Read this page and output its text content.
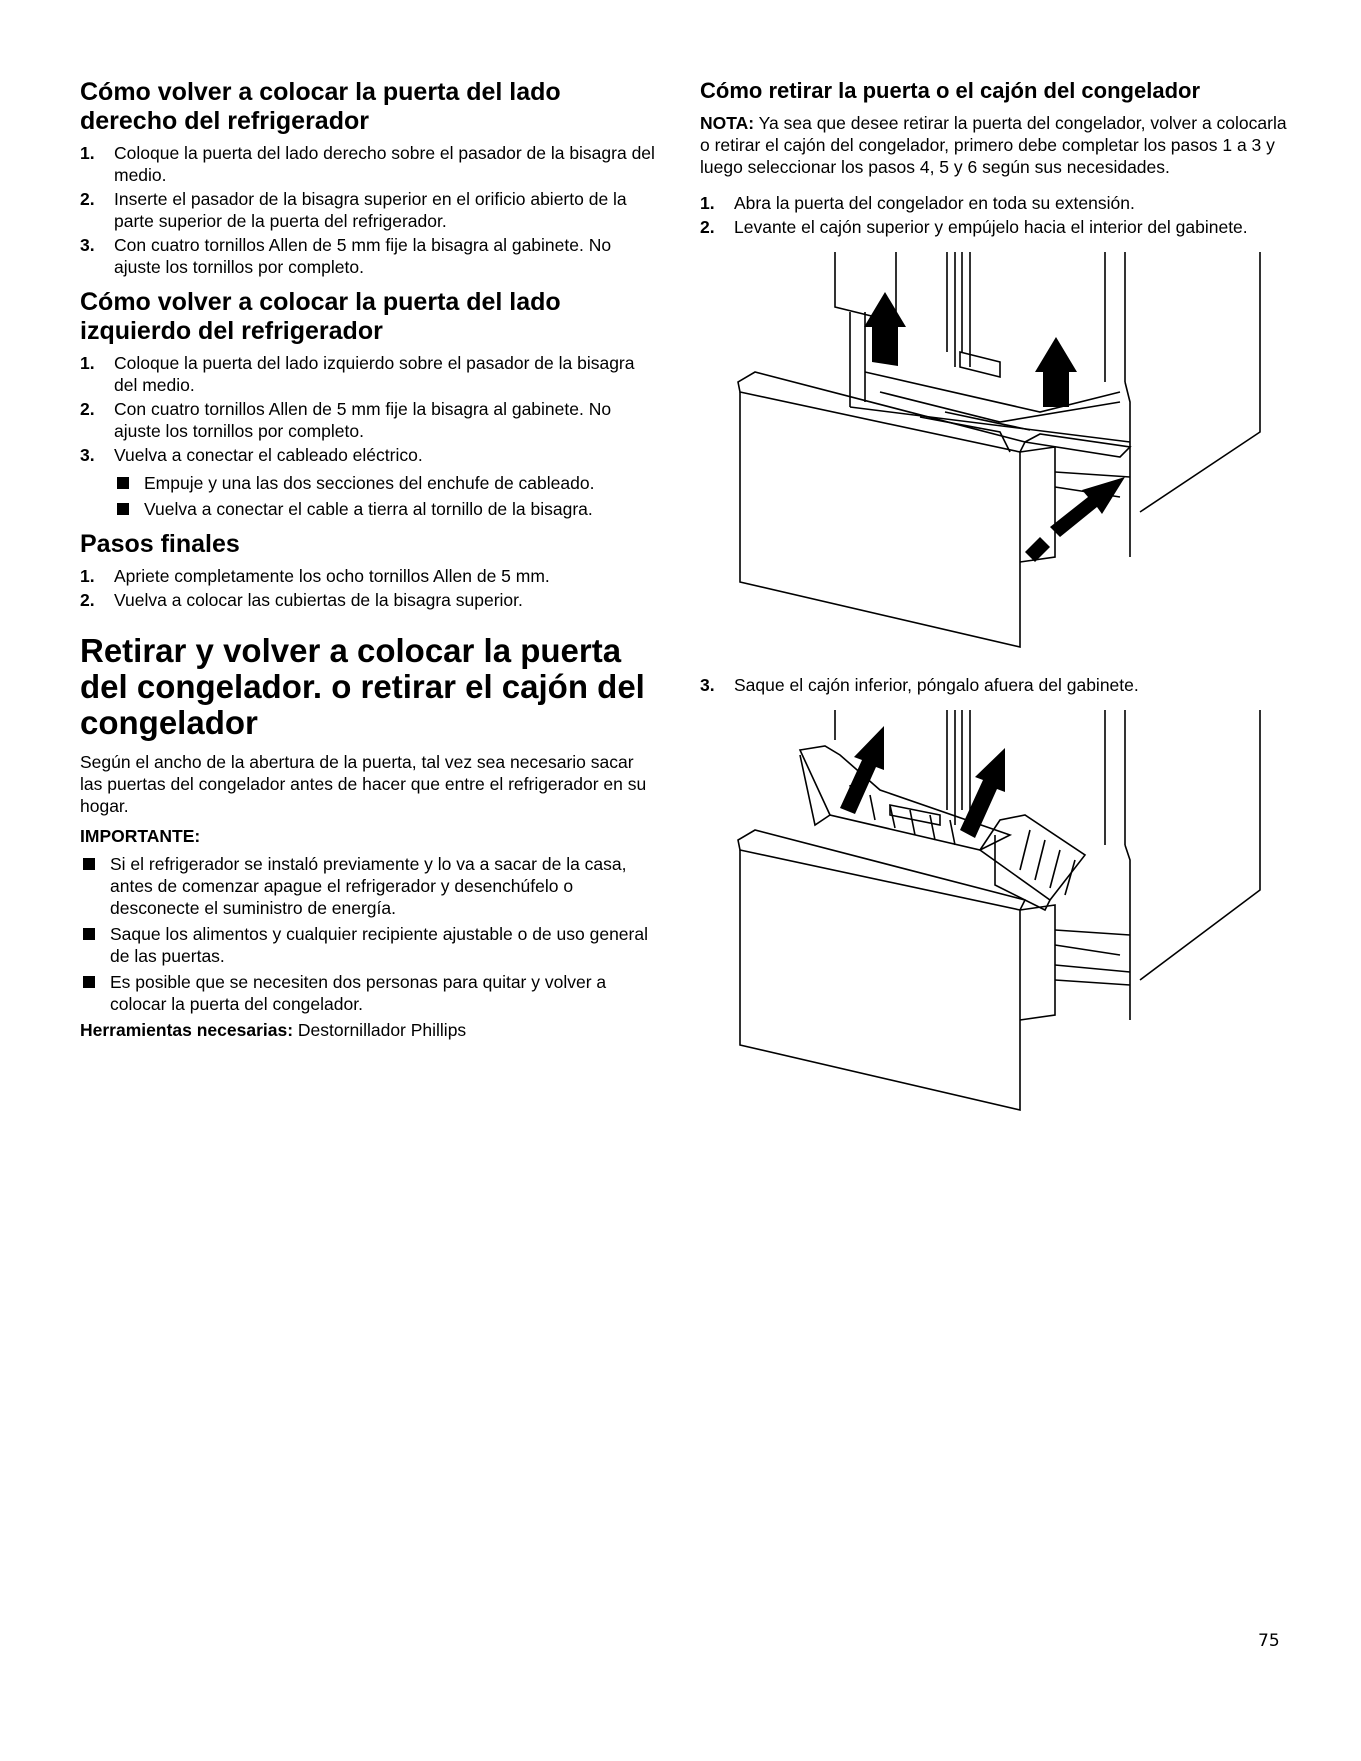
Cómo volver a colocar la puerta del lado derecho del refrigerador
1. Coloque la puerta del lado derecho sobre el pasador de la bisagra del medio.
2. Inserte el pasador de la bisagra superior en el orificio abierto de la parte superior de la puerta del refrigerador.
3. Con cuatro tornillos Allen de 5 mm fije la bisagra al gabinete. No ajuste los tornillos por completo.
Cómo volver a colocar la puerta del lado izquierdo del refrigerador
1. Coloque la puerta del lado izquierdo sobre el pasador de la bisagra del medio.
2. Con cuatro tornillos Allen de 5 mm fije la bisagra al gabinete. No ajuste los tornillos por completo.
3. Vuelva a conectar el cableado eléctrico.
Empuje y una las dos secciones del enchufe de cableado.
Vuelva a conectar el cable a tierra al tornillo de la bisagra.
Pasos finales
1. Apriete completamente los ocho tornillos Allen de 5 mm.
2. Vuelva a colocar las cubiertas de la bisagra superior.
Retirar y volver a colocar la puerta del congelador. o retirar el cajón del congelador

Según el ancho de la abertura de la puerta, tal vez sea necesario sacar las puertas del congelador antes de hacer que entre el refrigerador en su hogar.

IMPORTANTE:

Si el refrigerador se instaló previamente y lo va a sacar de la casa, antes de comenzar apague el refrigerador y desenchúfelo o desconecte el suministro de energía.
Saque los alimentos y cualquier recipiente ajustable o de uso general de las puertas.
Es posible que se necesiten dos personas para quitar y volver a colocar la puerta del congelador.

Herramientas necesarias: Destornillador Phillips

Cómo retirar la puerta o el cajón del congelador

NOTA: Ya sea que desee retirar la puerta del congelador, volver a colocarla o retirar el cajón del congelador, primero debe completar los pasos 1 a 3 y luego seleccionar los pasos 4, 5 y 6 según sus necesidades.

1. Abra la puerta del congelador en toda su extensión.
2. Levante el cajón superior y empújelo hacia el interior del gabinete.
3. Saque el cajón inferior, póngalo afuera del gabinete.
75
